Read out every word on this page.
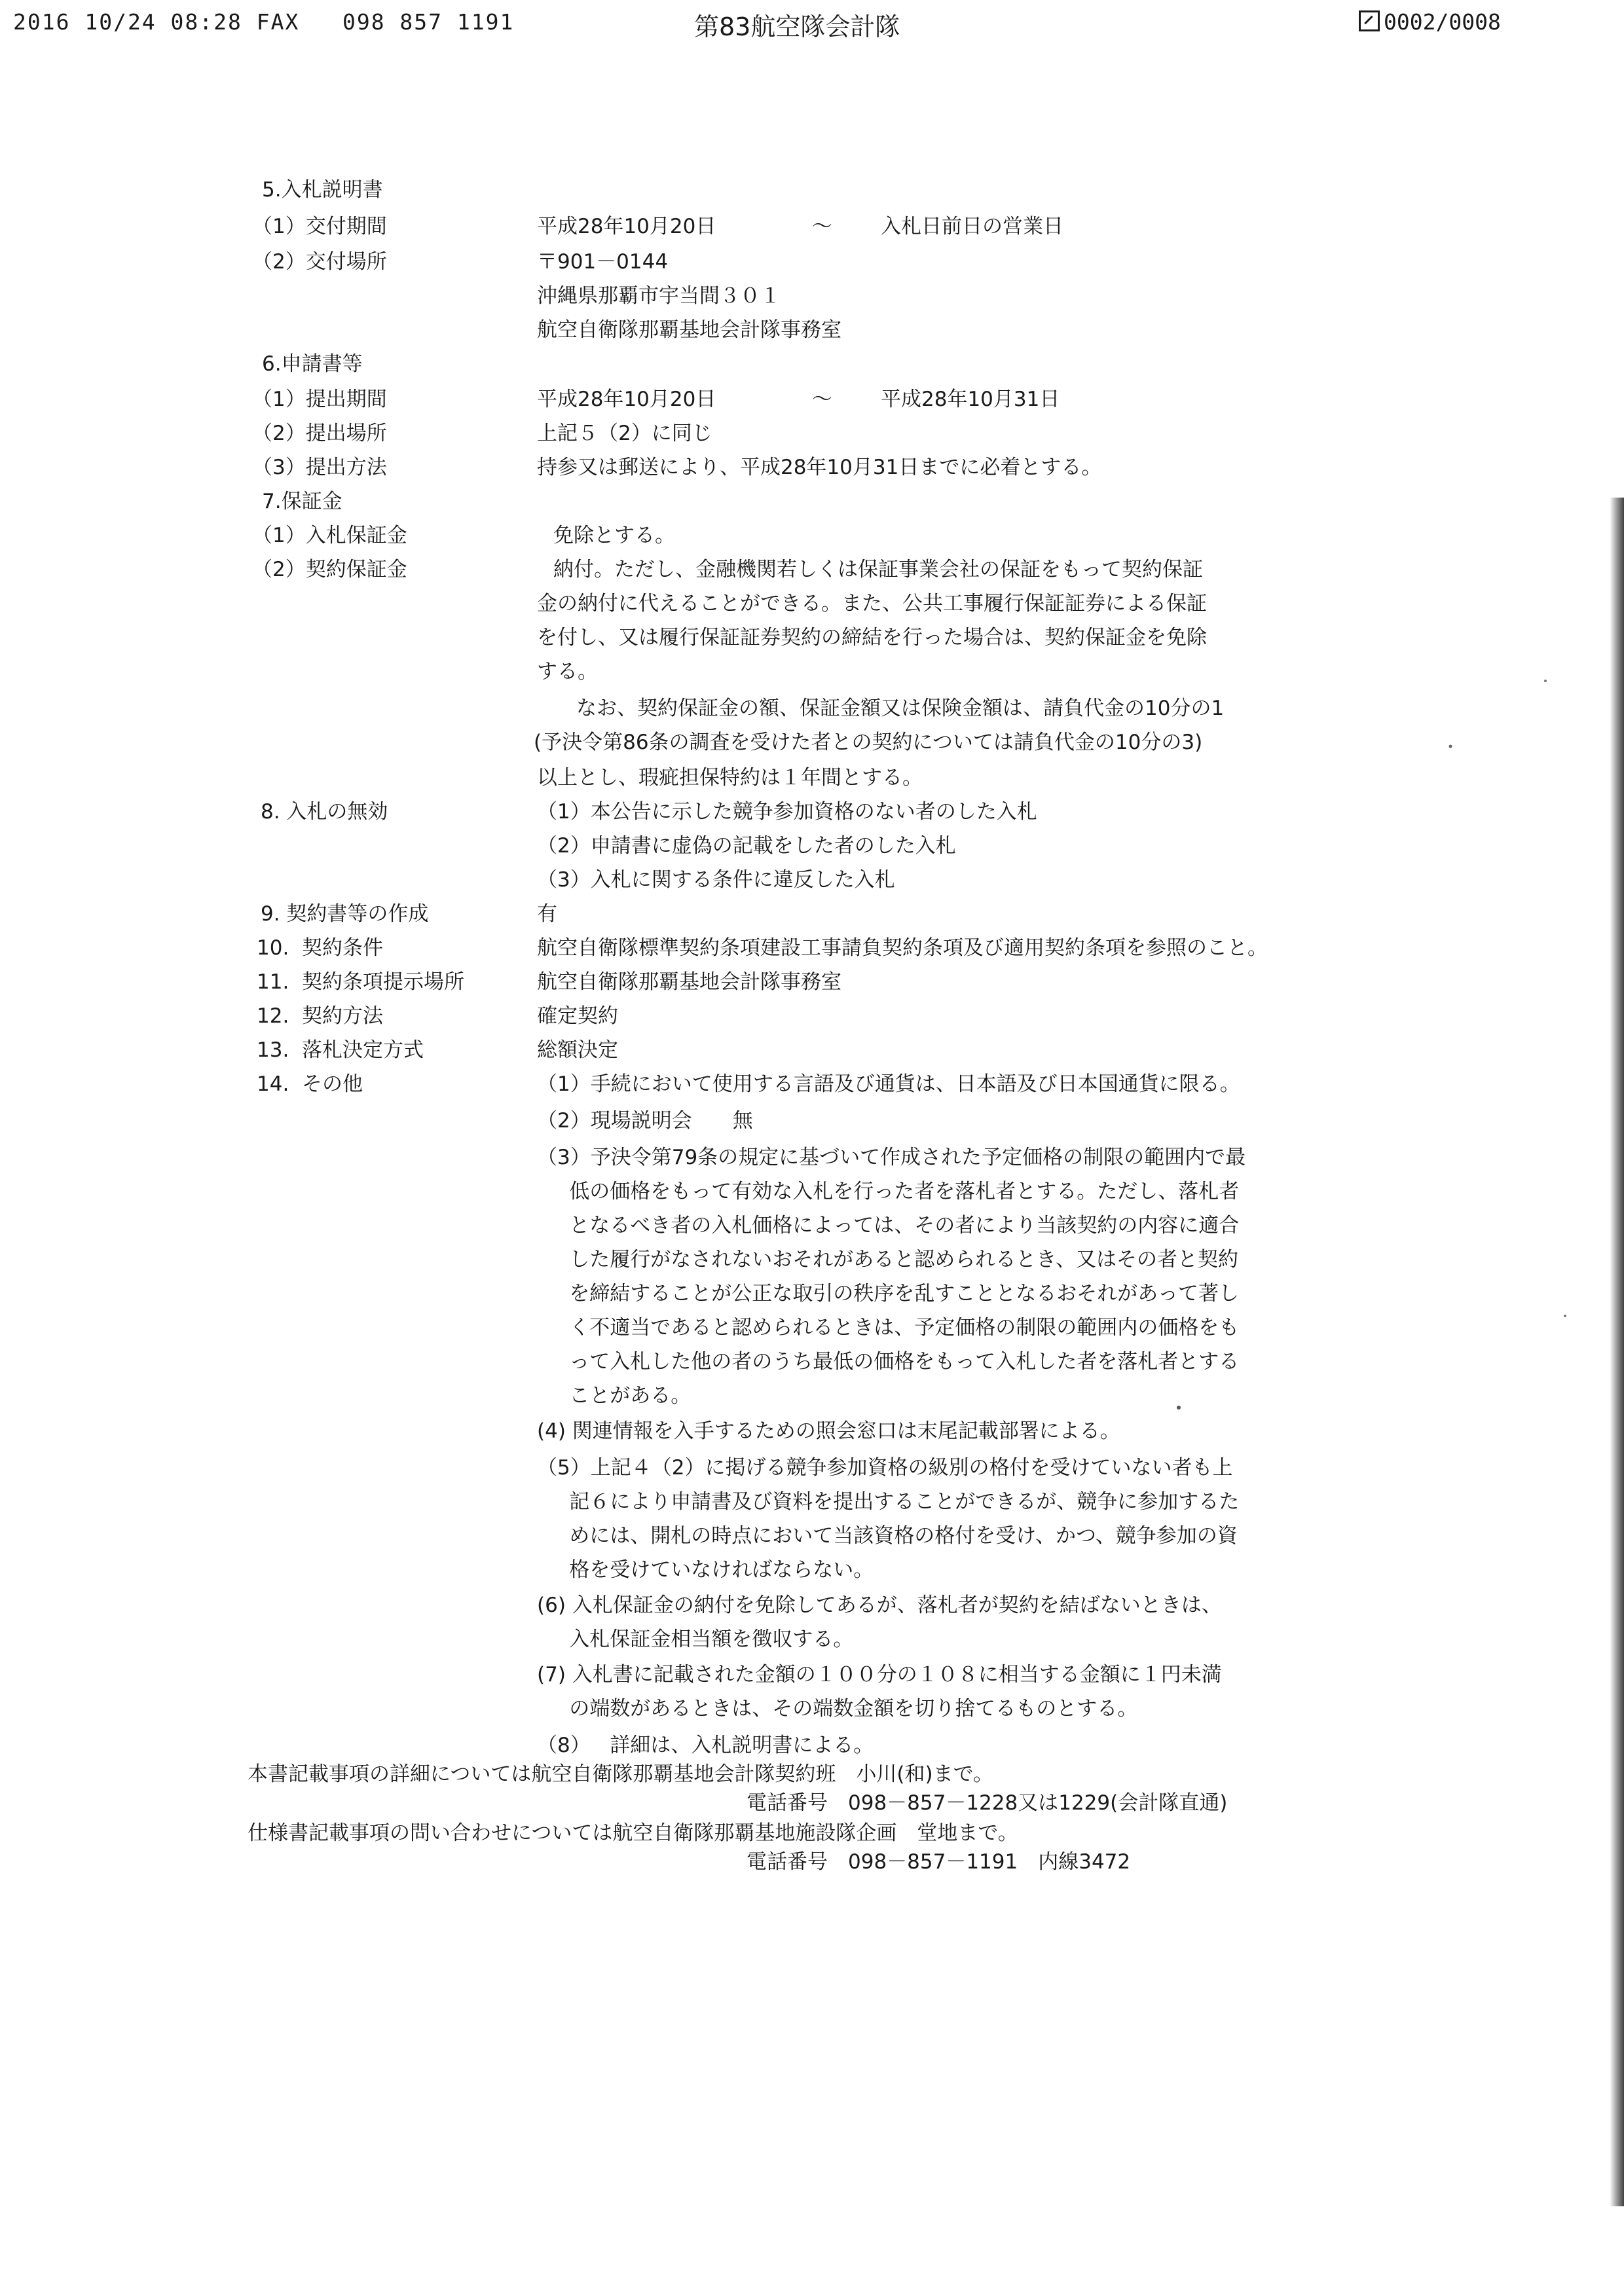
2016 10/24 08:28 FAX   098 857 1191	第83航空隊会計隊	0002/0008
5.入札説明書
（1）交付期間	平成28年10月20日	～ 入札日前日の営業日
（2）交付場所	〒901－0144
沖縄県那覇市宇当間３０１
航空自衛隊那覇基地会計隊事務室
6.申請書等
（1）提出期間	平成28年10月20日	～ 平成28年10月31日
（2）提出場所	上記５（2）に同じ
（3）提出方法	持参又は郵送により、平成28年10月31日までに必着とする。
7.保証金
（1）入札保証金	免除とする。
（2）契約保証金	納付。ただし、金融機関若しくは保証事業会社の保証をもって契約保証
金の納付に代えることができる。また、公共工事履行保証証券による保証
を付し、又は履行保証証券契約の締結を行った場合は、契約保証金を免除
する。
なお、契約保証金の額、保証金額又は保険金額は、請負代金の10分の1
(予決令第86条の調査を受けた者との契約については請負代金の10分の3)
以上とし、瑕疵担保特約は１年間とする。
8. 入札の無効	（1）本公告に示した競争参加資格のない者のした入札
（2）申請書に虚偽の記載をした者のした入札
（3）入札に関する条件に違反した入札
9. 契約書等の作成	有
10.  契約条件	航空自衛隊標準契約条項建設工事請負契約条項及び適用契約条項を参照のこと。
11.  契約条項提示場所	航空自衛隊那覇基地会計隊事務室
12.  契約方法	確定契約
13.  落札決定方式	総額決定
14.  その他	（1）手続において使用する言語及び通貨は、日本語及び日本国通貨に限る。
（2）現場説明会　　無
（3）予決令第79条の規定に基づいて作成された予定価格の制限の範囲内で最
低の価格をもって有効な入札を行った者を落札者とする。ただし、落札者
となるべき者の入札価格によっては、その者により当該契約の内容に適合
した履行がなされないおそれがあると認められるとき、又はその者と契約
を締結することが公正な取引の秩序を乱すこととなるおそれがあって著し
く不適当であると認められるときは、予定価格の制限の範囲内の価格をも
って入札した他の者のうち最低の価格をもって入札した者を落札者とする
ことがある。
(4) 関連情報を入手するための照会窓口は末尾記載部署による。
（5）上記４（2）に掲げる競争参加資格の級別の格付を受けていない者も上
記６により申請書及び資料を提出することができるが、競争に参加するた
めには、開札の時点において当該資格の格付を受け、かつ、競争参加の資
格を受けていなければならない。
(6) 入札保証金の納付を免除してあるが、落札者が契約を結ばないときは、
入札保証金相当額を徴収する。
(7) 入札書に記載された金額の１００分の１０８に相当する金額に１円未満
の端数があるときは、その端数金額を切り捨てるものとする。
（8）   詳細は、入札説明書による。
本書記載事項の詳細については航空自衛隊那覇基地会計隊契約班　小川(和)まで。
電話番号　098－857－1228又は1229(会計隊直通)
仕様書記載事項の問い合わせについては航空自衛隊那覇基地施設隊企画　堂地まで。
電話番号　098－857－1191　内線3472
